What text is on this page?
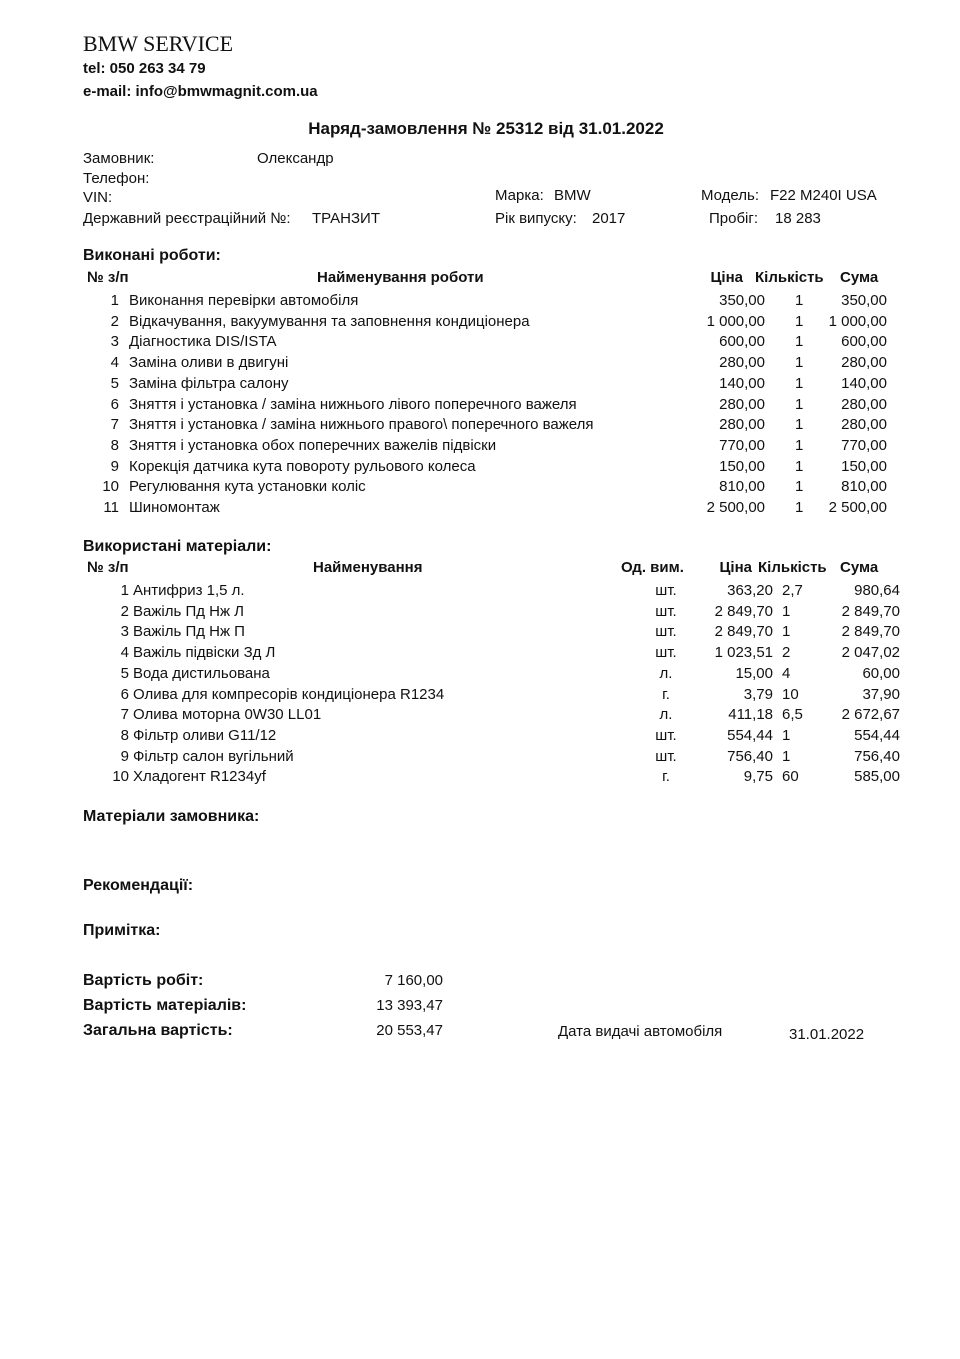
BMW SERVICE
tel: 050 263 34 79
e-mail: info@bmwmagnit.com.ua
Наряд-замовлення № 25312 від 31.01.2022
Замовник:	Олександр
Телефон:
VIN:
Державний реєстраційний №: ТРАНЗИТ
Марка: BMW
Рік випуску: 2017
Модель: F22 M240I USA
Пробіг: 18 283
Виконані роботи:
№ з/п	Найменування роботи	Ціна Кількість Сума
1 Виконання перевірки автомобіля	350,00 1	350,00
2 Відкачування, вакуумування та заповнення кондиціонера	1 000,00 1 1 000,00
3 Діагностика DIS/ISTA	600,00 1	600,00
4 Заміна оливи в двигуні	280,00 1	280,00
5 Заміна фільтра салону	140,00 1	140,00
6 Зняття і установка / заміна нижнього лівого поперечного важеля	280,00 1	280,00
7 Зняття і установка / заміна нижнього правого\ поперечного важеля	280,00 1	280,00
8 Зняття і установка обох поперечних важелів підвіски	770,00 1	770,00
9 Корекція датчика кута повороту рульового колеса	150,00 1	150,00
10 Регулювання кута установки коліс	810,00 1	810,00
11 Шиномонтаж	2 500,00 1 2 500,00
Використані матеріали:
№ з/п	Найменування	Од. вим. Ціна Кількість Сума
1 Антифриз 1,5 л.	шт.	363,20 2,7	980,64
2 Важіль Пд Нж Л	шт.	2 849,70 1	2 849,70
3 Важіль Пд Нж П	шт.	2 849,70 1	2 849,70
4 Важіль підвіски Зд Л	шт.	1 023,51 2	2 047,02
5 Вода дистильована	л.	15,00 4	60,00
6 Олива для компресорів кондиціонера R1234	г.	3,79 10	37,90
7 Олива моторна 0W30 LL01	л.	411,18 6,5	2 672,67
8 Фільтр оливи G11/12	шт.	554,44 1	554,44
9 Фільтр салон вугільний	шт.	756,40 1	756,40
10 Хладогент R1234yf	г.	9,75 60	585,00
Матеріали замовника:
Рекомендації:
Примітка:
Вартість робіт:	7 160,00
Вартість матеріалів:	13 393,47
Загальна вартість:	20 553,47	Дата видачі автомобіля	31.01.2022
